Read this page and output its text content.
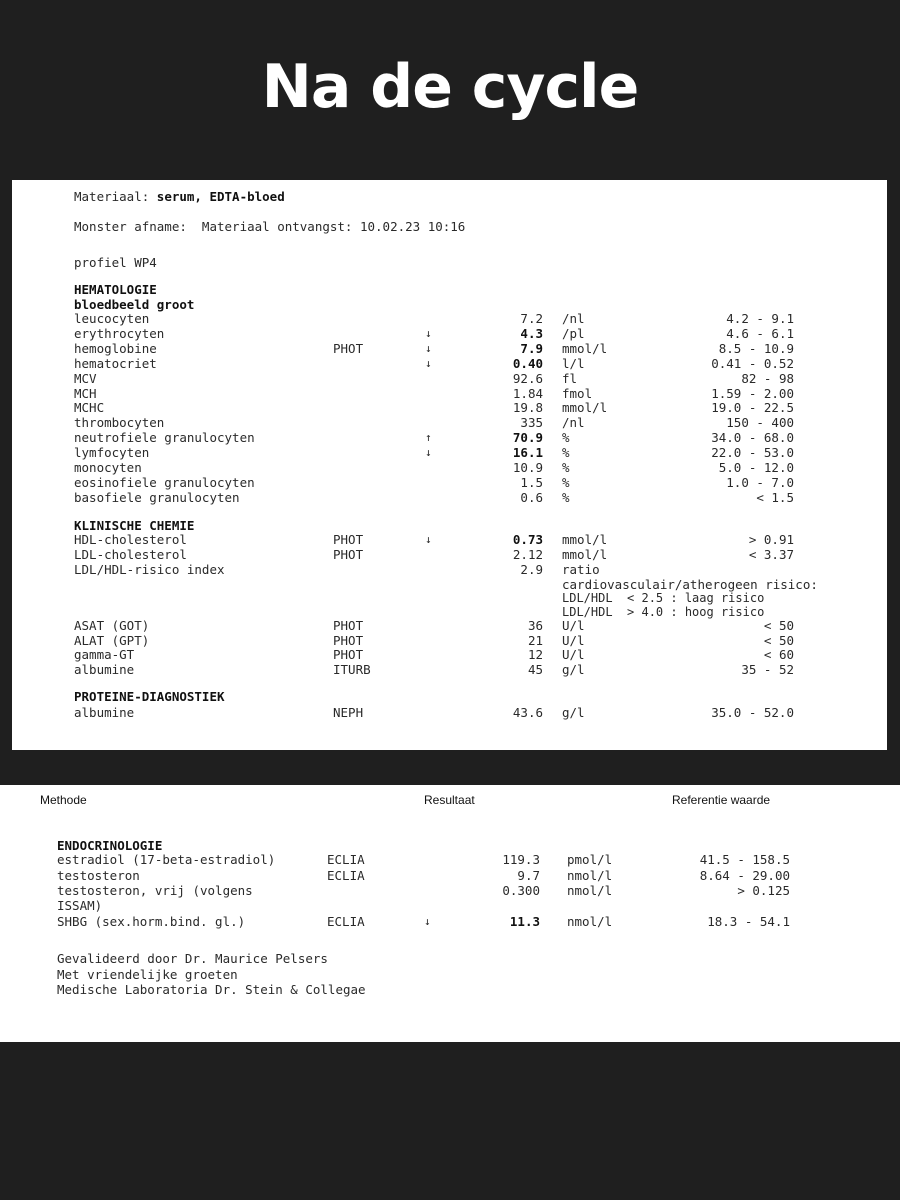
Na de cycle
Materiaal: serum, EDTA-bloed
Monster afname:  Materiaal ontvangst: 10.02.23 10:16
profiel WP4
HEMATOLOGIE
bloedbeeld groot
leucocyten	7.2 /nl	4.2 - 9.1
erythrocyten	↓	4.3 /pl	4.6 - 6.1
hemoglobine	PHOT	↓	7.9 mmol/l	8.5 - 10.9
hematocriet	↓	0.40 l/l	0.41 - 0.52
MCV	92.6 fl	82 - 98
MCH	1.84 fmol	1.59 - 2.00
MCHC	19.8 mmol/l	19.0 - 22.5
thrombocyten	335 /nl	150 - 400
neutrofiele granulocyten	↑	70.9 %	34.0 - 68.0
lymfocyten	↓	16.1 %	22.0 - 53.0
monocyten	10.9 %	5.0 - 12.0
eosinofiele granulocyten	1.5 %	1.0 - 7.0
basofiele granulocyten	0.6 %	< 1.5
KLINISCHE CHEMIE
HDL-cholesterol	PHOT	↓	0.73 mmol/l	> 0.91
LDL-cholesterol	PHOT	2.12 mmol/l	< 3.37
LDL/HDL-risico index	2.9 ratio
cardiovasculair/atherogeen risico:
LDL/HDL  < 2.5 : laag risico
LDL/HDL  > 4.0 : hoog risico
ASAT (GOT)	PHOT	36 U/l	< 50
ALAT (GPT)	PHOT	21 U/l	< 50
gamma-GT	PHOT	12 U/l	< 60
albumine	ITURB	45 g/l	35 - 52
PROTEINE-DIAGNOSTIEK
albumine	NEPH	43.6 g/l	35.0 - 52.0
Methode	Resultaat	Referentie waarde
ENDOCRINOLOGIE
estradiol (17-beta-estradiol)	ECLIA	119.3 pmol/l	41.5 - 158.5
testosteron	ECLIA	9.7 nmol/l	8.64 - 29.00
testosteron, vrij (volgens
ISSAM)
0.300 nmol/l	> 0.125
SHBG (sex.horm.bind. gl.)	ECLIA	↓	11.3 nmol/l	18.3 - 54.1
Gevalideerd door Dr. Maurice Pelsers
Met vriendelijke groeten
Medische Laboratoria Dr. Stein & Collegae
